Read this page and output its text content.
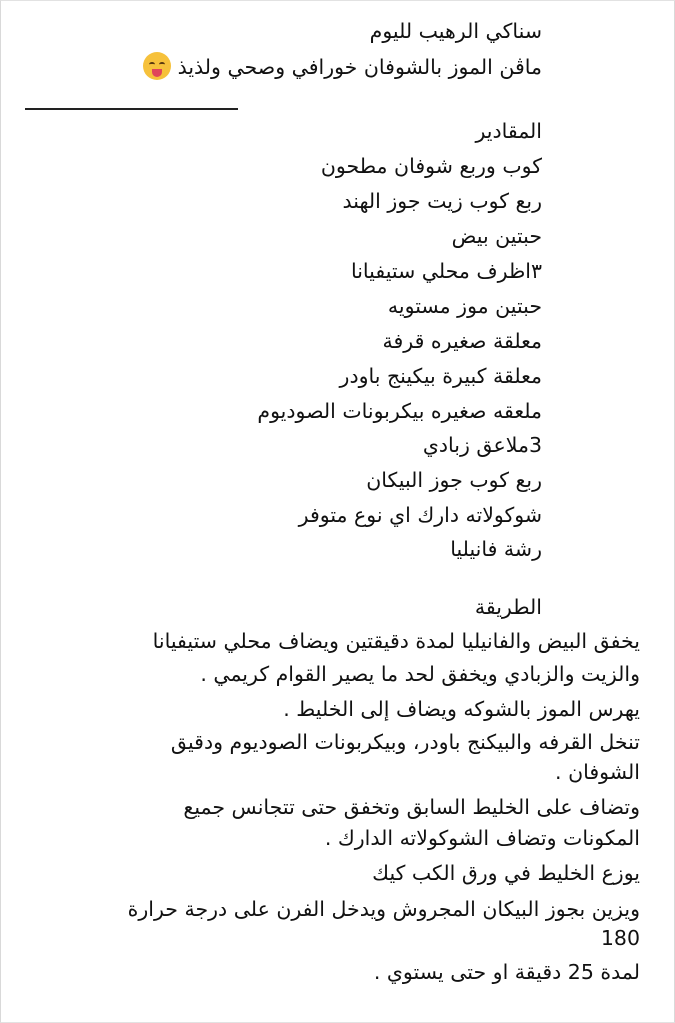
سناكي الرهيب لليوم
ماڤن الموز بالشوفان خورافي وصحي ولذيذ
المقادير
كوب وربع شوفان مطحون
ربع كوب زيت جوز الهند
حبتين بيض
٣اظرف محلي ستيفيانا
حبتين موز مستويه
معلقة صغيره قرفة
معلقة كبيرة بيكينج باودر
ملعقه صغيره بيكربونات الصوديوم
3ملاعق زبادي
ربع كوب جوز البيكان
شوكولاته دارك اي نوع متوفر
رشة فانيليا
الطريقة
يخفق البيض والفانيليا لمدة دقيقتين ويضاف محلي ستيفيانا
والزيت والزبادي ويخفق لحد ما يصير القوام كريمي .
يهرس الموز بالشوكه ويضاف إلى الخليط .
تنخل القرفه والبيكنج باودر، وبيكربونات الصوديوم ودقيق
الشوفان .
وتضاف على الخليط السابق وتخفق حتى تتجانس جميع
المكونات وتضاف الشوكولاته الدارك .
يوزع الخليط في ورق الكب كيك
ويزين بجوز البيكان المجروش ويدخل الفرن على درجة حرارة
180
لمدة 25 دقيقة او حتى يستوي .
